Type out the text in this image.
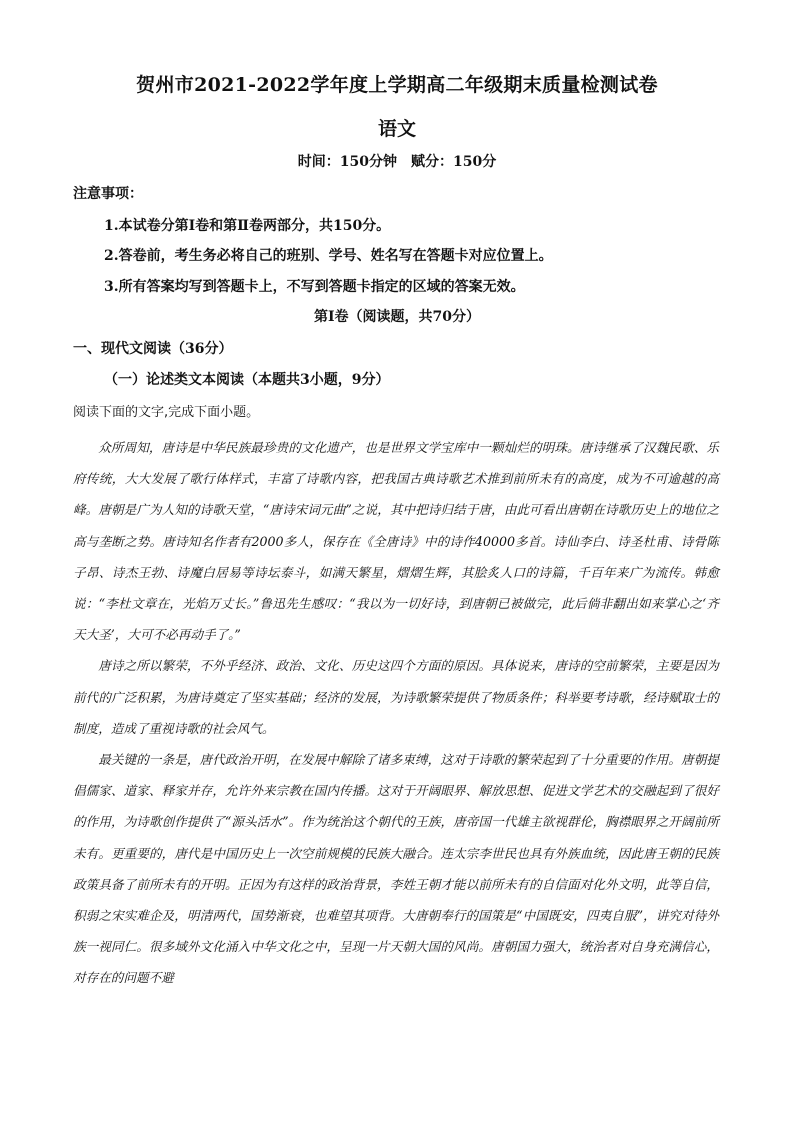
贺州市2021-2022学年度上学期高二年级期末质量检测试卷
语文
时间：150分钟 赋分：150分
注意事项：
1.本试卷分第Ⅰ卷和第Ⅱ卷两部分，共150分。
2.答卷前，考生务必将自己的班别、学号、姓名写在答题卡对应位置上。
3.所有答案均写到答题卡上，不写到答题卡指定的区域的答案无效。
第Ⅰ卷（阅读题，共70分）
一、现代文阅读（36分）
（一）论述类文本阅读（本题共3小题，9分）
阅读下面的文字,完成下面小题。

众所周知，唐诗是中华民族最珍贵的文化遗产，也是世界文学宝库中一颗灿烂的明珠。唐诗继承了汉魏民歌、乐府传统，大大发展了歌行体样式，丰富了诗歌内容，把我国古典诗歌艺术推到前所未有的高度，成为不可逾越的高峰。唐朝是广为人知的诗歌天堂，“唐诗宋词元曲”之说，其中把诗归结于唐，由此可看出唐朝在诗歌历史上的地位之高与垄断之势。唐诗知名作者有2000多人，保存在《全唐诗》中的诗作40000多首。诗仙李白、诗圣杜甫、诗骨陈子昂、诗杰王勃、诗魔白居易等诗坛泰斗，如满天繁星，熠熠生辉，其脍炙人口的诗篇，千百年来广为流传。韩愈说：“李杜文章在，光焰万丈长。”鲁迅先生感叹：“我以为一切好诗，到唐朝已被做完，此后倘非翻出如来掌心之‘齐天大圣’，大可不必再动手了。”

唐诗之所以繁荣，不外乎经济、政治、文化、历史这四个方面的原因。具体说来，唐诗的空前繁荣，主要是因为前代的广泛积累，为唐诗奠定了坚实基础；经济的发展，为诗歌繁荣提供了物质条件；科举要考诗歌，经诗赋取士的制度，造成了重视诗歌的社会风气。

最关键的一条是，唐代政治开明，在发展中解除了诸多束缚，这对于诗歌的繁荣起到了十分重要的作用。唐朝提倡儒家、道家、释家并存，允许外来宗教在国内传播。这对于开阔眼界、解放思想、促进文学艺术的交融起到了很好的作用，为诗歌创作提供了“源头活水”。作为统治这个朝代的王族，唐帝国一代雄主欲视群伦，胸襟眼界之开阔前所未有。更重要的，唐代是中国历史上一次空前规模的民族大融合。连太宗李世民也具有外族血统，因此唐王朝的民族政策具备了前所未有的开明。正因为有这样的政治背景，李姓王朝才能以前所未有的自信面对化外文明，此等自信，积弱之宋实难企及，明清两代，国势渐衰，也难望其项背。大唐朝奉行的国策是“中国既安，四夷自服”，讲究对待外族一视同仁。很多域外文化涌入中华文化之中，呈现一片天朝大国的风尚。唐朝国力强大，统治者对自身充满信心，对存在的问题不避
